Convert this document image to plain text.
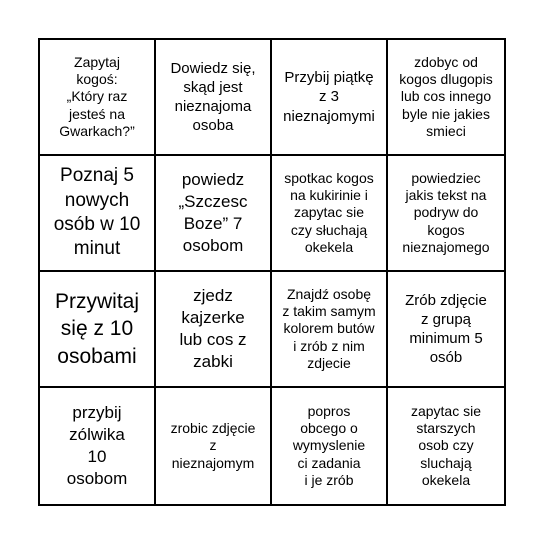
Zapytaj
kogoś:
„Który raz
jesteś na
Gwarkach?”
Dowiedz się,
skąd jest
nieznajoma
osoba
Przybij piątkę
z 3
nieznajomymi
zdobyc od
kogos dlugopis
lub cos innego
byle nie jakies
smieci
Poznaj 5
nowych
osób w 10
minut
powiedz
„Szczesc
Boze” 7
osobom
spotkac kogos
na kukirinie i
zapytac sie
czy słuchają
okekela
powiedziec
jakis tekst na
podryw do
kogos
nieznajomego
Przywitaj
się z 10
osobami
zjedz
kajzerke
lub cos z
zabki
Znajdź osobę
z takim samym
kolorem butów
i zrób z nim
zdjecie
Zrób zdjęcie
z grupą
minimum 5
osób
przybij
zólwika
10
osobom
zrobic zdjęcie
z
nieznajomym
popros
obcego o
wymyslenie
ci zadania
i je zrób
zapytac sie
starszych
osob czy
sluchają
okekela
